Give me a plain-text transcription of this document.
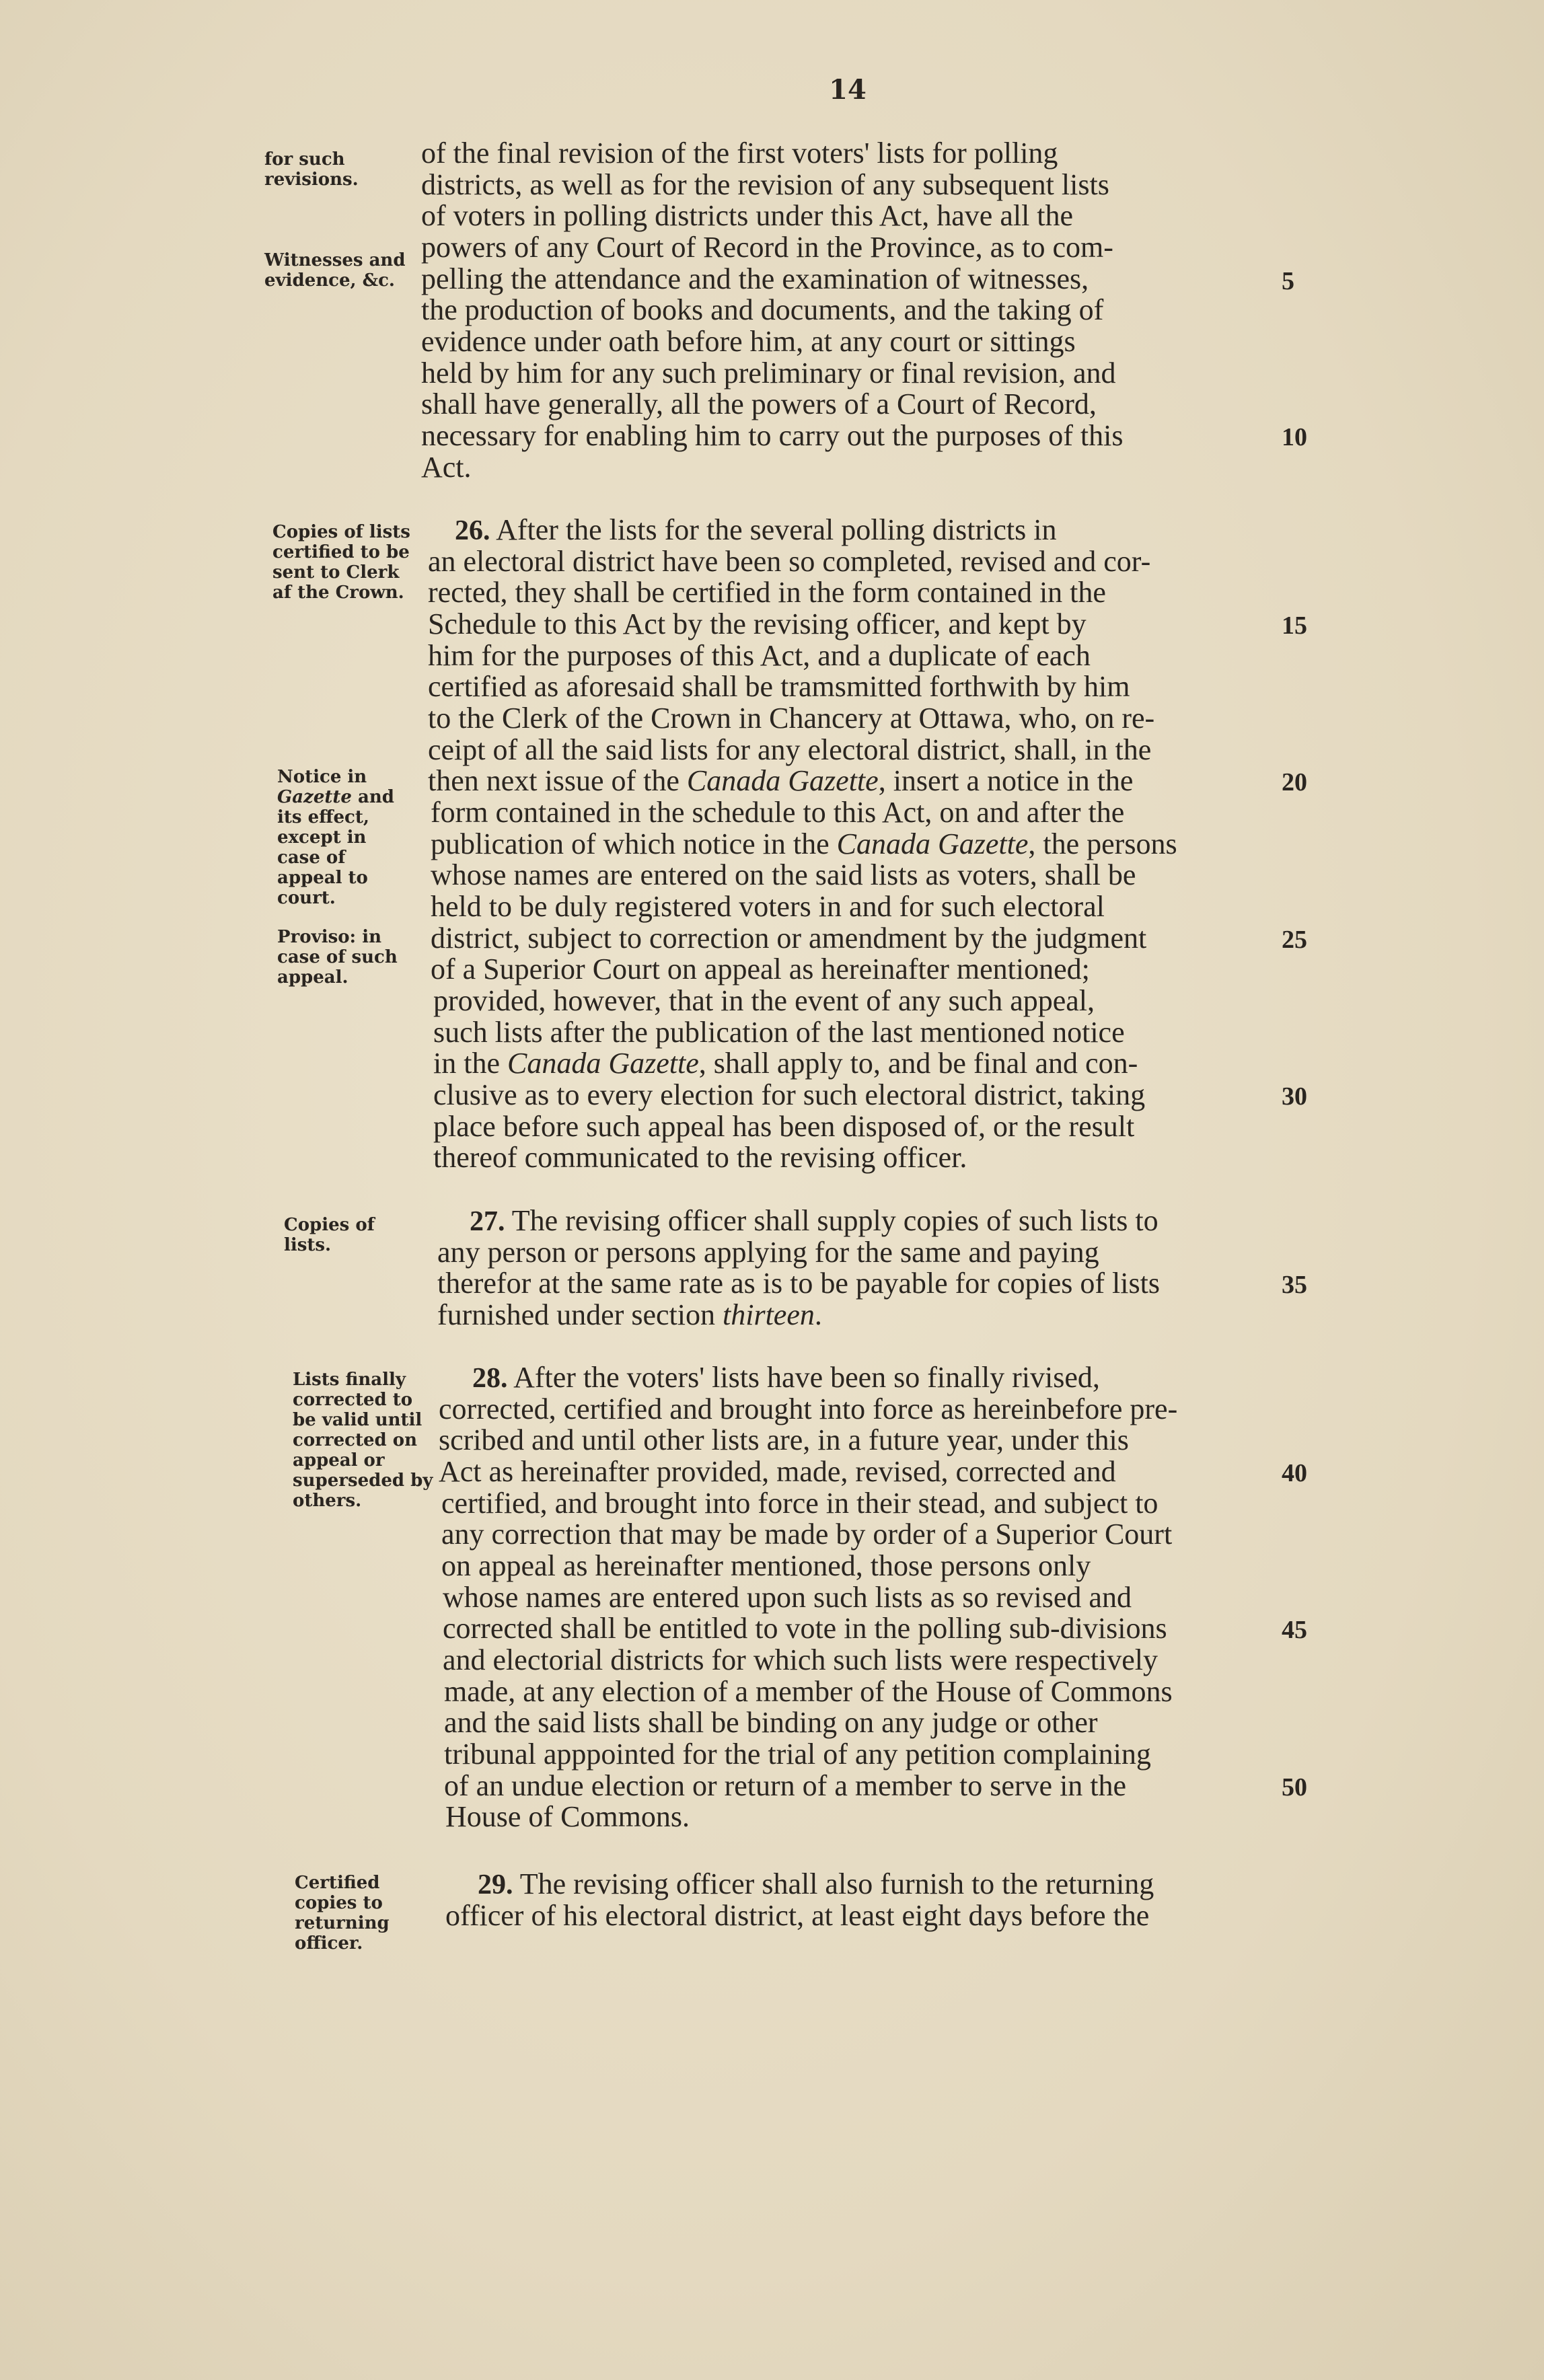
14
for such revisions.
Witnesses and evidence, &c.
Copies of lists certified to be sent to Clerk af the Crown.
Notice in Gazette and its effect, except in case of appeal to court.
Proviso: in case of such appeal.
Copies of lists.
Lists finally corrected to be valid until corrected on appeal or superseded by others.
Certified copies to returning officer.
of the final revision of the first voters' lists for polling
districts, as well as for the revision of any subsequent lists
of voters in polling districts under this Act, have all the
powers of any Court of Record in the Province, as to com-
pelling the attendance and the examination of witnesses,
the production of books and documents, and the taking of
evidence under oath before him, at any court or sittings
held by him for any such preliminary or final revision, and
shall have generally, all the powers of a Court of Record,
necessary for enabling him to carry out the purposes of this
Act.
26. After the lists for the several polling districts in
an electoral district have been so completed, revised and cor-
rected, they shall be certified in the form contained in the
Schedule to this Act by the revising officer, and kept by
him for the purposes of this Act, and a duplicate of each
certified as aforesaid shall be tramsmitted forthwith by him
to the Clerk of the Crown in Chancery at Ottawa, who, on re-
ceipt of all the said lists for any electoral district, shall, in the
then next issue of the Canada Gazette, insert a notice in the
form contained in the schedule to this Act, on and after the
publication of which notice in the Canada Gazette, the persons
whose names are entered on the said lists as voters, shall be
held to be duly registered voters in and for such electoral
district, subject to correction or amendment by the judgment
of a Superior Court on appeal as hereinafter mentioned;
provided, however, that in the event of any such appeal,
such lists after the publication of the last mentioned notice
in the Canada Gazette, shall apply to, and be final and con-
clusive as to every election for such electoral district, taking
place before such appeal has been disposed of, or the result
thereof communicated to the revising officer.
27. The revising officer shall supply copies of such lists to
any person or persons applying for the same and paying
therefor at the same rate as is to be payable for copies of lists
furnished under section thirteen.
28. After the voters' lists have been so finally rivised,
corrected, certified and brought into force as hereinbefore pre-
scribed and until other lists are, in a future year, under this
Act as hereinafter provided, made, revised, corrected and
certified, and brought into force in their stead, and subject to
any correction that may be made by order of a Superior Court
on appeal as hereinafter mentioned, those persons only
whose names are entered upon such lists as so revised and
corrected shall be entitled to vote in the polling sub-divisions
and electorial districts for which such lists were respectively
made, at any election of a member of the House of Commons
and the said lists shall be binding on any judge or other
tribunal apppointed for the trial of any petition complaining
of an undue election or return of a member to serve in the
House of Commons.
29. The revising officer shall also furnish to the returning
officer of his electoral district, at least eight days before the
5
10
15
20
25
30
35
40
45
50
